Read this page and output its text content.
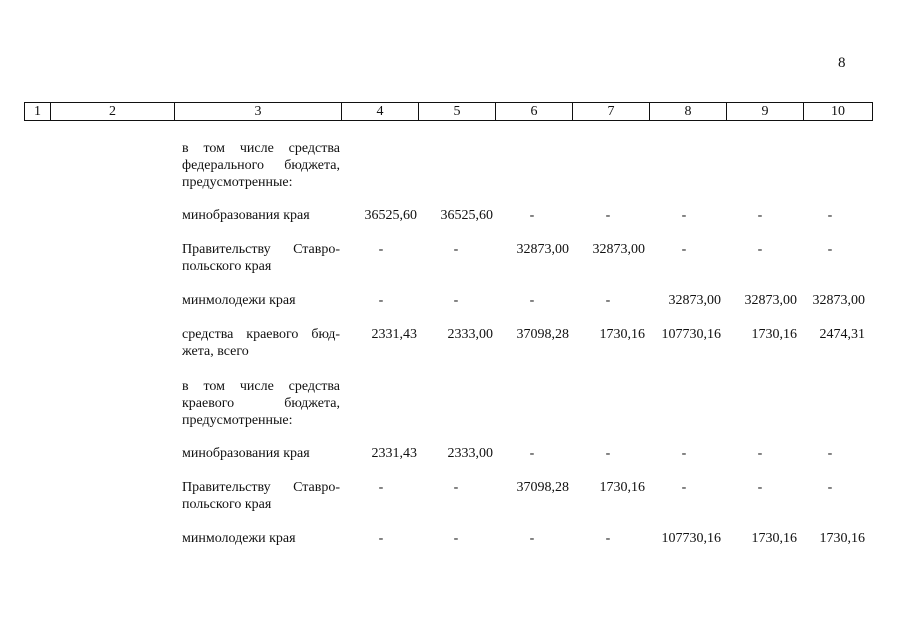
8
1	2	3	4	5	6	7	8	9	10
в том числе средства федерального бюджета, предусмотренные:
минобразования края	36525,60	36525,60	-	-	-	-	-
Правительству Ставро-
польского края
-	-	32873,00	32873,00	-	-	-
минмолодежи края	-	-	-	-	32873,00	32873,00	32873,00
средства краевого бюд-
жета, всего
2331,43	2333,00	37098,28	1730,16	107730,16	1730,16	2474,31
в том числе средства краевого бюджета, предусмотренные:
минобразования края	2331,43	2333,00	-	-	-	-	-
Правительству Ставро-
польского края
-	-	37098,28	1730,16	-	-	-
минмолодежи края	-	-	-	-	107730,16	1730,16	1730,16
